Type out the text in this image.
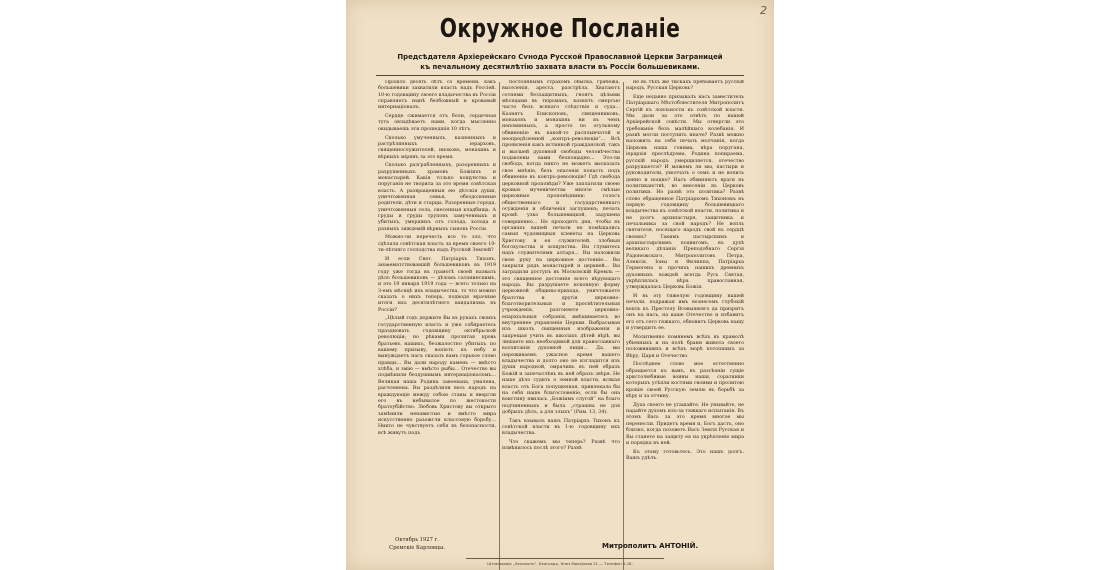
2
Окружное Посланіе
Предсѣдателя Архіерейскаго Сѵнода Русской Православной Церкви Заграницей
къ печальному десятилѣтію захвата власти въ Россіи большевиками.

Прошло десять лѣтъ со времени, какъ большевики захватили власть надъ Россіей. 10-ю годовщину своего владычества въ Россіи справляетъ нынѣ безбожный и кровавый интернаціоналъ.

Сердце сжимается отъ боли, сердечная туга овладѣваетъ нами, когда мысленно окидываешь эти прошедшія 10 лѣтъ.

Сколько умученныхъ, казненныхъ и растрѣлянныхъ іерарховъ, священнослужителей, иноковъ, монахинь и вѣрныхъ мірянъ за это время.

Сколько разграбленныхъ, разоренныхъ и разрушенныхъ храмовъ Божіихъ и монастырей. Какія только кощунства и поруганія не творила за это время совѣтская власть. А развращенныя ею дѣтскія души, уничтоженная семья, обездоленные родители, дѣти и старцы. Разоренные города, уничтоженныя села, сиесенныя кладбища. А груды и груды труповъ замученныхъ и убитыхъ, умершихъ отъ голода, холода и разныхъ зиждемій вѣрныхъ сыновъ Россіи.

Можно-ли перечесть все то зло, что сдѣлала совѣтская власть за время своего 10-ти-лѣтняго господства надъ Русской Землей?

И если Свят. Патріархъ Тихонъ, анаѳематствовавшій большевиковъ въ 1919 году уже тогда въ грамотѣ своей назвалъ дѣло большевиковъ — дѣломъ сатанинскимъ, и это 19 января 1919 года — всего только на 3-емъ мѣсяцѣ ихъ владычества, то что можно сказать о нихъ теперь, подводя мрачные итоги ихъ десятилѣтнего вандализма въ Россіи?

„Цѣлый годъ держите Вы въ рукахъ своихъ государственную власть и уже собираетесь праздновать годовщину октябрьской революціи; но рѣками пролитая кровь братьевъ нашихъ, безжалостно убитыхъ по вашему призыву, вопіетъ къ небу и вынуждаетъ насъ сказать вамъ горькое слово правды... Вы дали народу камень — вмѣсто хлѣба, и змію — вмѣсто рыбы... Отечество вы подмѣнили бездушнымъ интернаціоналомъ... Великая наша Родина завоевана, умалена, расчленена. Вы раздѣлили весь народъ на враждующіе между собою станы и ввергли его въ небывалое по жестокости братоубійство. Любовь Христову вы открыто замѣнили ненавистью и вмѣсто мира искусственно разожгли классовую борьбу... Никто не чувствуетъ себя въ безопасности, всѣ живутъ подъ

постояннымъ страхомъ обыска, грабежа, выселенія, ареста, разстрѣла. Хватаютъ сотнями беззащитныхъ, гноятъ цѣлыми мѣсяцами въ тюрьмахъ, казнятъ смертью часто безъ всякаго слѣдствія и суда... Казнятъ Епископовъ, священниковъ, монаховъ и монахинь ни въ чемъ неповинныхъ, а просто по огульному обвиненію въ какой-то расплывчатой и неопредѣленной „контръ-революціи“... Всѣ проявленія какъ истинной гражданской, такъ и высшей духовной свободы человѣчества подавлены вами безпощадно... Это-ли свобода, когда никто не можетъ высказать свое мнѣніе, безъ опасенія попасть подъ обвиненіе въ контръ-революціи? Гдѣ свобода церковной проповѣди? Уже заплатили своею кровью мученичества многіе смѣлые церковные проповѣдники; голосъ общественнаго и государственнаго осужденія и обличенія заглушенъ; печать кромѣ узко большевицкой, задушена совершенно... Не проходитъ дня, чтобы въ органахъ вашей печати не помѣщались самыя чудовищныя клеветы на Церковь Христову и ея служителей, злобныя богохульства и кощунства. Вы глумитесь надъ служителями алтаря... Вы наложили свою руку на церковное достояніе... Вы закрыли рядъ монастырей и церквей... Вы заградили доступъ въ Московскій Кремль — это священное достояніе всего вѣрующаго народа. Вы разрушаете исконную форму церковной общины-прихода, уничтожаете братства и другія церковно-благотворительныя и просвѣтительныя учрежденія, разгоняете церковно-епархіальныя собранія, вмѣшиваетесь во внутреннее управленіе Церкви. Выбрасывая изъ школъ священныя изображенія и запрещая учить въ школахъ дѣтей вѣрѣ, вы лишаете ихъ необходимой для православнаго воспитанія духовной пищи... Да, мы переживаемъ ужасное время вашего владычества и долго оно не изгладится изъ души народной, омрачивъ въ ней образъ Божій и запечатлѣвъ въ ней образъ звѣря. Не наше дѣло судить о земной власти, всякая власть отъ Бога попущенная, привлекала бы на себя наше благословеніе, если бы она воистину явилась „Божіимъ слугой“ на благо подчиненныхъ и была „страшна не для добрыхъ дѣлъ, а для злыхъ“ (Рим. 13, 34).

Такъ взывалъ вашъ Патріархъ Тихонъ къ совѣтской власти въ 1-ю годовщину ихъ владычества.

Что скажемъ мы теперь? Развѣ что измѣнилось послѣ этого? Развѣ

не въ тѣхъ же тискахъ пребываетъ русскій народъ, Русская Церковь?

Еще недавно призывалъ насъ заместитель Патріаршаго Мѣстоблюстителя Митрополитъ Сергій къ лояльности къ совѣтской власти. Мы дали за это отвѣтъ по нашей Архіерейской совѣсти. Мы отвергли это требованіе безъ малѣйшаго колебанія. И развѣ могли поступить иначе? Развѣ можно наложить на себя печать молчанія, когда Церковь наша гонима, вѣра поругана, іерархія преслѣдуема, Родина попираема, русскій народъ умерщвляется, отечество разрушается? И можемъ ли мы, пастыри и руководители, умолчать о семъ и не вопить денно и нощно? Насъ обвиняютъ враги въ политиканствѣ, во внесеніи въ Церковь политики. Но развѣ это политика? Развѣ слово обращенное Патріархомъ Тихономъ въ первую годовщину большевицкаго владычества къ совѣтской власти, политика и не долгъ архипастыря, защитника и печальника за свой народъ? Не вопль святителя, носящаго народъ свой въ сердцѣ своемъ? Такимъ пастырскимъ и архипастырскимъ подвигомъ, въ духѣ великаго дѣланія Преподобнаго Сергія Радонежскаго, Митрополитовъ Петра, Алексія, Іоны и Филиппа, Патріарха Гермогена и прочихъ нашихъ древнихъ духовныхъ вождей всегда Русь Святая, укрѣплялась вѣра православная, утверждалась Церковь Божія.

И въ эту тяжелую годовщину нашей печали, подражая имъ вознесемъ глубокій вопль къ Престолу Всевышняго да призритъ онъ на насъ, на ваше Отечество и избавитъ его отъ сего тяжкаго, обновитъ Церковь нашу и утвердитъ ее.

Молитвенно помянемъ всѣхъ въ крамолѣ убіенныхъ и на полѣ брани живота своего положившихъ и всѣхъ морѣ потопшихъ за Вѣру, Царя и Отечество.

Послѣднее слово мое естественно обращается къ вамъ, въ разсѣяніи сущіе христолюбивые воины наши, соратники которыхъ усѣяли костями своими и пролитою кровію своей Русскую землю въ борьбѣ за вѣру и за отчину.

Духа своего не угашайте. Не унывайте, не падайте духомъ изъ-за тяжкаго испытанія. Въ этомъ Вась за это время многое мы перенесли. Придетъ время и, Богъ дастъ, оно близко, когда позоветъ Васъ Земля Русская и Вы станете на защиту ея на укрѣпленіе мира и порядка въ ней.

Къ этому готовьтесь. Это нашъ долгъ. Вашъ удѣлъ.

Октябрь 1927 г.
Сремскіе Карловцы.	Митрополитъ АНТОНІЙ.
Штампарија „Хеликонъ“, Београдъ, Кнез Михајлова 21 — Телефон 5-18.
